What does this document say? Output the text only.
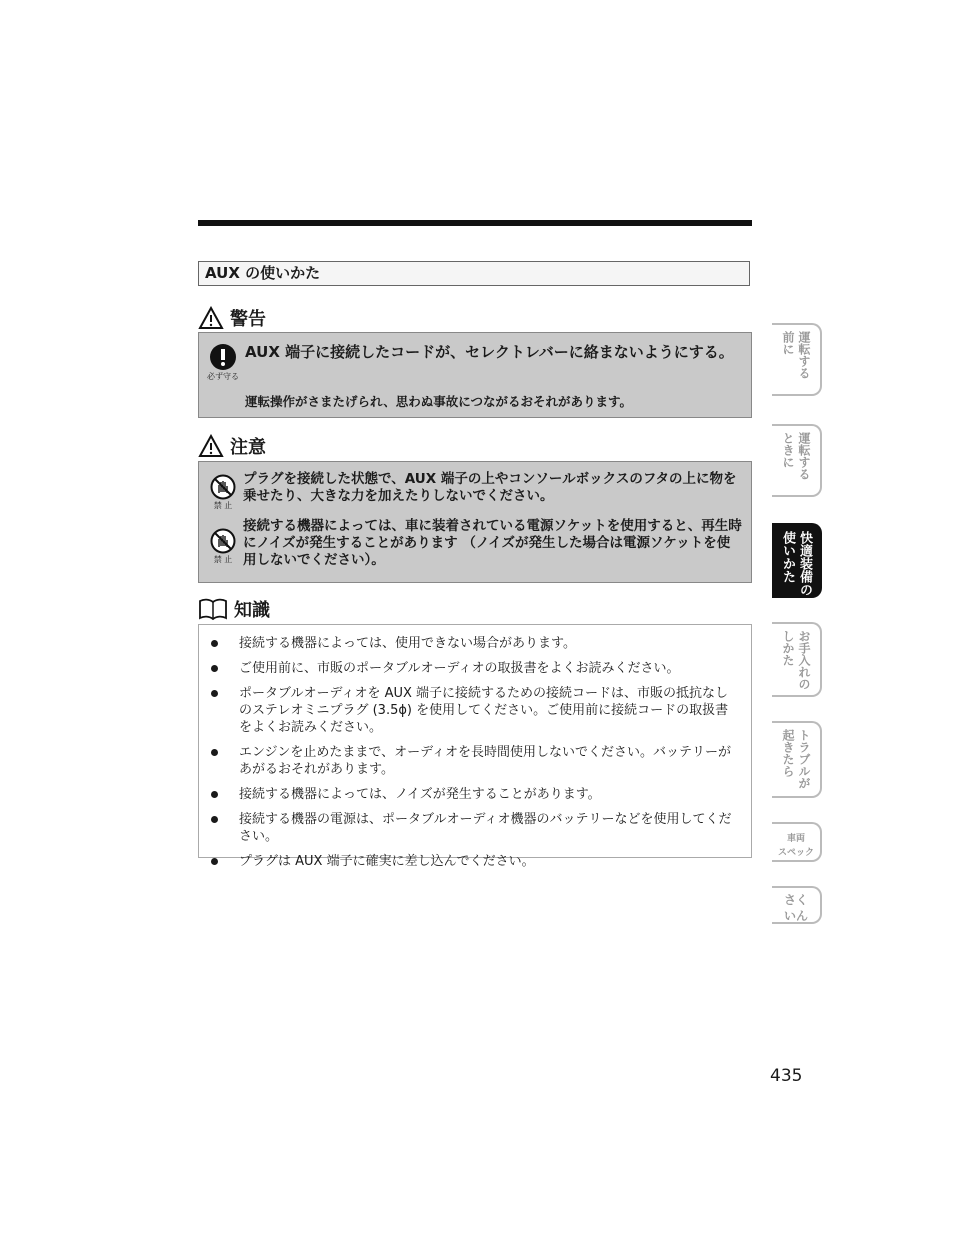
AUX の使いかた
警告
必ず守る
AUX 端子に接続したコードが、セレクトレバーに絡まないようにする。
運転操作がさまたげられ、思わぬ事故につながるおそれがあります。
注意
禁 止
プラグを接続した状態で、AUX 端子の上やコンソールボックスのフタの上に物を乗せたり、大きな力を加えたりしないでください。
禁 止
接続する機器によっては、車に装着されている電源ソケットを使用すると、再生時にノイズが発生することがあります （ノイズが発生した場合は電源ソケットを使用しないでください）。
知識
接続する機器によっては、使用できない場合があります。
ご使用前に、市販のポータブルオーディオの取扱書をよくお読みください。
ポータブルオーディオを AUX 端子に接続するための接続コードは、市販の抵抗なしのステレオミニプラグ (3.5ϕ) を使用してください。ご使用前に接続コードの取扱書をよくお読みください。
エンジンを止めたままで、オーディオを長時間使用しないでください。バッテリーがあがるおそれがあります。
接続する機器によっては、ノイズが発生することがあります。
接続する機器の電源は、ポータブルオーディオ機器のバッテリーなどを使用してください。
プラグは AUX 端子に確実に差し込んでください。
運転する
前に
運転する
ときに
快適装備の
使いかた
お手入れの
しかた
トラブルが
起きたら
車両
スペック
さく
いん
435
